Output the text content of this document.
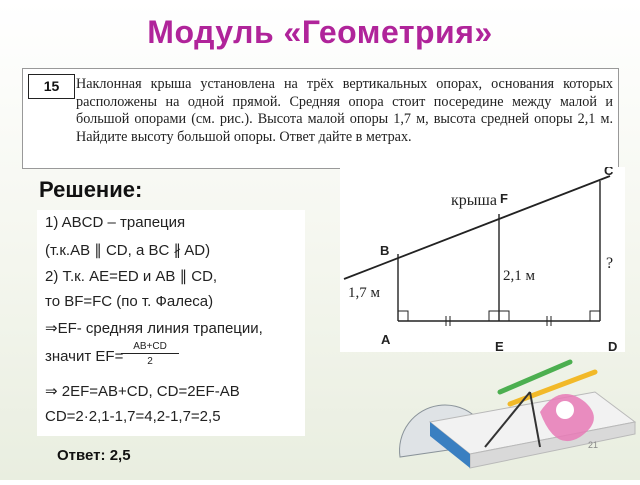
Модуль «Геометрия»
15	Наклонная крыша установлена на трёх вертикальных опорах, основания которых расположены на одной прямой. Средняя опора стоит посередине между малой и большой опорами (см. рис.). Высота малой опоры 1,7 м, высота средней опоры 2,1 м. Найдите высоту большой опоры. Ответ дайте в метрах.
Решение:
1) ABCD – трапеция
(т.к.AB ∥ CD, а BC ∦ AD)
2) Т.к. AE=ED и AB ∥ CD,
то BF=FC (по т. Фалеса)
⇒EF- средняя линия трапеции,
значит EF=
$\frac{AB+CD}{2}$
⇒ 2EF=AB+CD, CD=2EF-AB
CD=2·2,1-1,7=4,2-1,7=2,5
Ответ: 2,5
крыша F
C
B
A	E	D
1,7 м
2,1 м
?
21
